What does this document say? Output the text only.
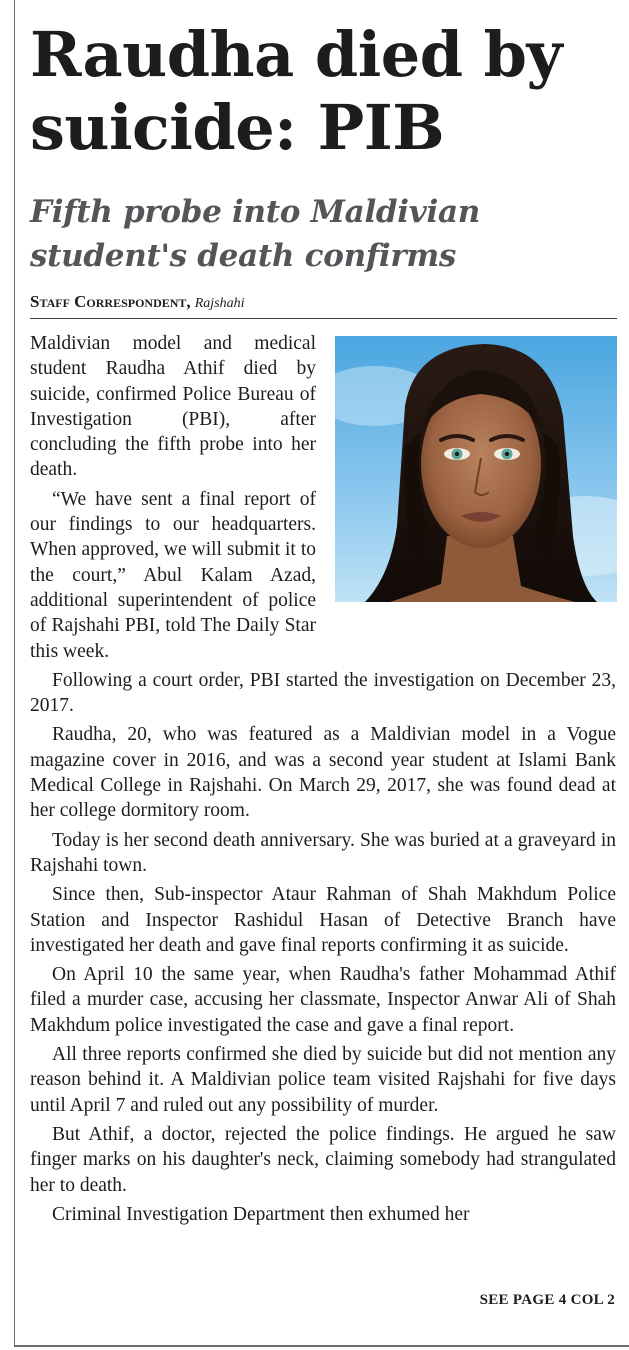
Raudha died by suicide: PIB
Fifth probe into Maldivian student's death confirms
Staff Correspondent, Rajshahi

Maldivian model and medical student Raudha Athif died by suicide, confirmed Police Bureau of Investigation (PBI), after concluding the fifth probe into her death.

“We have sent a final report of our findings to our headquarters. When approved, we will submit it to the court,” Abul Kalam Azad, additional superintendent of police of Rajshahi PBI, told The Daily Star this week.

Following a court order, PBI started the investigation on December 23, 2017.

Raudha, 20, who was featured as a Maldivian model in a Vogue magazine cover in 2016, and was a second year student at Islami Bank Medical College in Rajshahi. On March 29, 2017, she was found dead at her college dormitory room.

Today is her second death anniversary. She was buried at a graveyard in Rajshahi town.

Since then, Sub-inspector Ataur Rahman of Shah Makhdum Police Station and Inspector Rashidul Hasan of Detective Branch have investigated her death and gave final reports confirming it as suicide.

On April 10 the same year, when Raudha's father Mohammad Athif filed a murder case, accusing her classmate, Inspector Anwar Ali of Shah Makhdum police investigated the case and gave a final report.

All three reports confirmed she died by suicide but did not mention any reason behind it. A Maldivian police team visited Rajshahi for five days until April 7 and ruled out any possibility of murder.

But Athif, a doctor, rejected the police findings. He argued he saw finger marks on his daughter's neck, claiming somebody had strangulated her to death.

Criminal Investigation Department then exhumed her

SEE PAGE 4 COL 2
